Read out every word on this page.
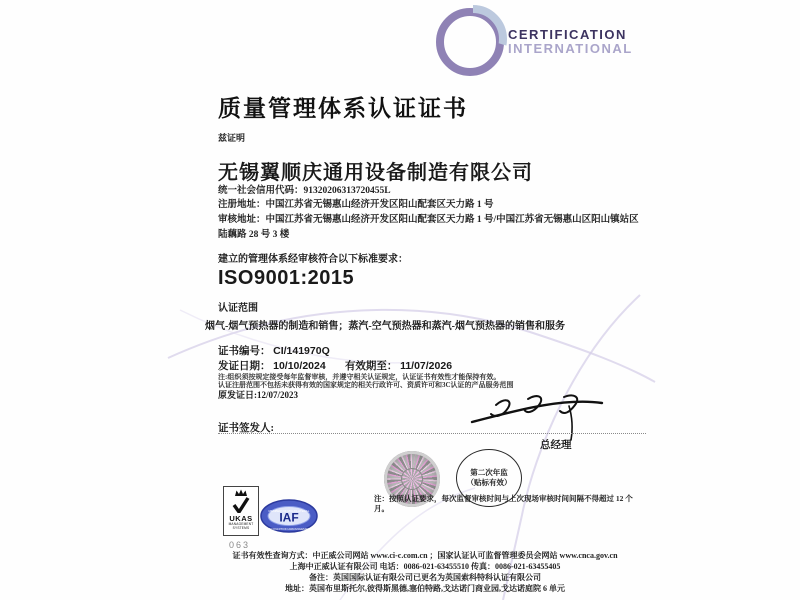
CERTIFICATION
INTERNATIONAL
质量管理体系认证证书
兹证明
无锡翼顺庆通用设备制造有限公司
统一社会信用代码：91320206313720455L
注册地址：中国江苏省无锡惠山经济开发区阳山配套区天力路 1 号
审核地址：中国江苏省无锡惠山经济开发区阳山配套区天力路 1 号/中国江苏省无锡惠山区阳山镇站区陆藕路 28 号 3 楼
建立的管理体系经审核符合以下标准要求：
ISO9001:2015
认证范围
烟气-烟气预热器的制造和销售；蒸汽-空气预热器和蒸汽-烟气预热器的销售和服务
证书编号： CI/141970Q
发证日期： 10/10/2024 有效期至： 11/07/2026
注:组织须按规定接受每年监督审核，并遵守相关认证规定，认证证书有效性才能保持有效。
认证注册范围不包括未获得有效的国家规定的相关行政许可、资质许可和3C认证的产品服务范围
原发证日:12/07/2023
证书签发人:
总经理
第二次年监
（贴标有效）
注：按照认证要求，每次监督审核时间与上次现场审核时间间隔不得超过 12 个月。
UKAS
MANAGEMENT SYSTEMS
063
MEMBER OF MULTILATERAL
IAF
RECOGNITION ARRANGEMENT
证书有效性查询方式：中正威公司网站 www.ci-c.com.cn ；国家认证认可监督管理委员会网站 www.cnca.gov.cn
上海中正威认证有限公司 电话：0086-021-63455510 传真：0086-021-63455405
备注：英国国际认证有限公司已更名为英国索科特科认证有限公司
地址：英国布里斯托尔,彼得斯黑德,塞伯特路,戈达诺门商业园,戈达诺庭院 6 单元
